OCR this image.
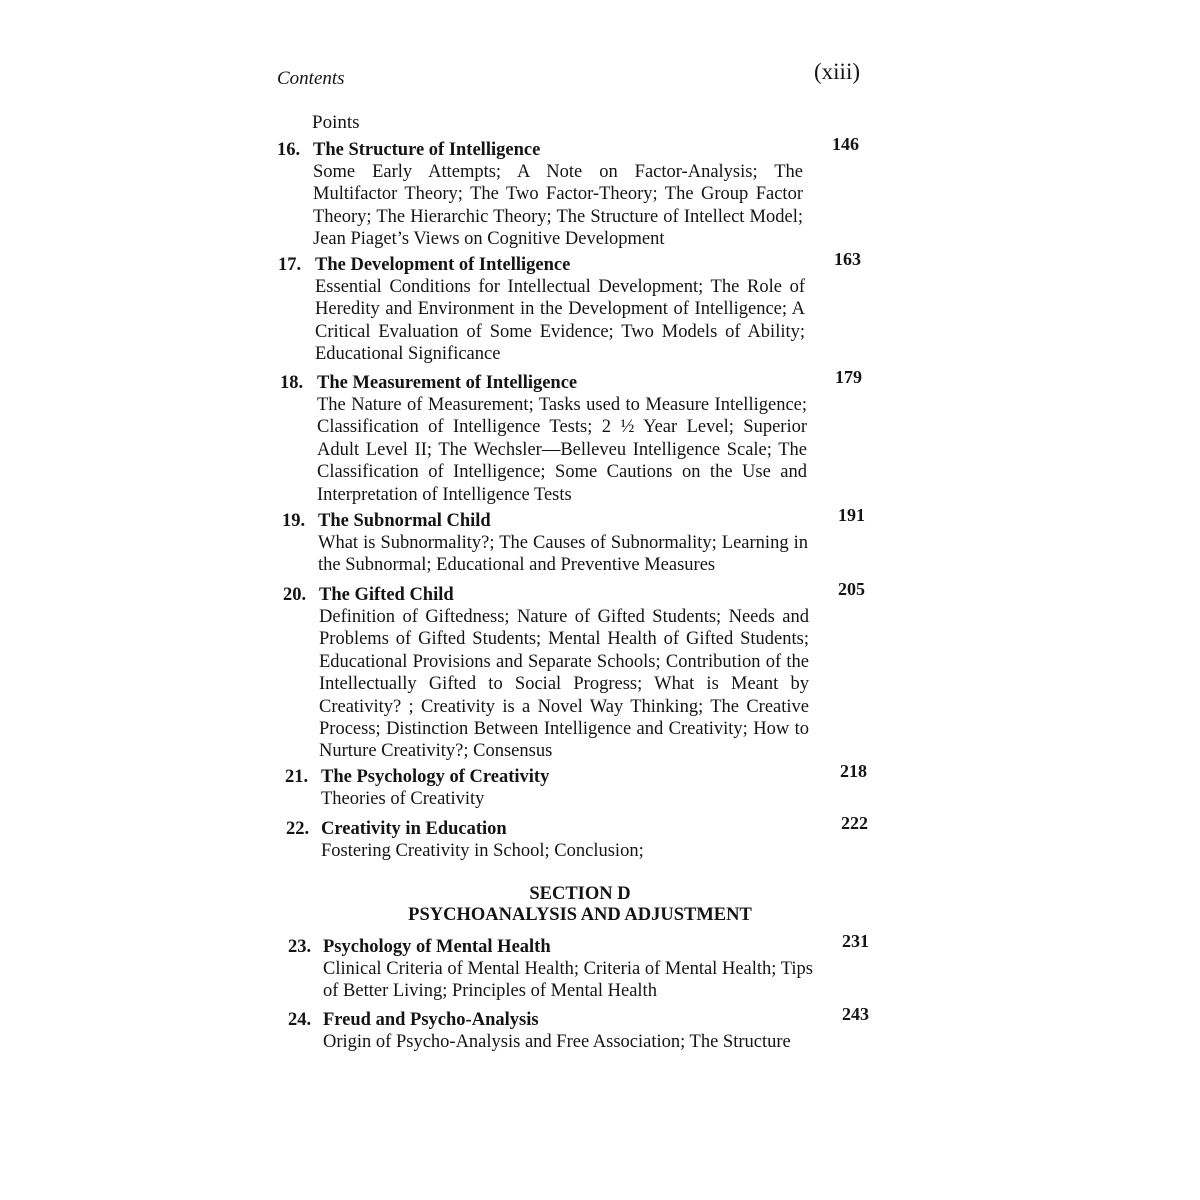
Contents	(xiii)
Points
16. The Structure of Intelligence	146
Some Early Attempts; A Note on Factor-Analysis; The Multifactor Theory; The Two Factor-Theory; The Group Factor Theory; The Hierarchic Theory; The Structure of Intellect Model; Jean Piaget’s Views on Cognitive Development
17. The Development of Intelligence	163
Essential Conditions for Intellectual Development; The Role of Heredity and Environment in the Development of Intelligence; A Critical Evaluation of Some Evidence; Two Models of Ability; Educational Significance
18. The Measurement of Intelligence	179
The Nature of Measurement; Tasks used to Measure Intelligence; Classification of Intelligence Tests; 2 ½ Year Level; Superior Adult Level II; The Wechsler—Belleveu Intelligence Scale; The Classification of Intelligence; Some Cautions on the Use and Interpretation of Intelligence Tests
19. The Subnormal Child	191
What is Subnormality?; The Causes of Subnormality; Learning in the Subnormal; Educational and Preventive Measures
20. The Gifted Child	205
Definition of Giftedness; Nature of Gifted Students; Needs and Problems of Gifted Students; Mental Health of Gifted Students; Educational Provisions and Separate Schools; Contribution of the Intellectually Gifted to Social Progress; What is Meant by Creativity? ; Creativity is a Novel Way Thinking; The Creative Process; Distinction Between Intelligence and Creativity; How to Nurture Creativity?; Consensus
21. The Psychology of Creativity	218
Theories of Creativity
22. Creativity in Education	222
Fostering Creativity in School; Conclusion;
SECTION D
PSYCHOANALYSIS AND ADJUSTMENT
23. Psychology of Mental Health	231
Clinical Criteria of Mental Health; Criteria of Mental Health; Tips of Better Living; Principles of Mental Health
24. Freud and Psycho-Analysis	243
Origin of Psycho-Analysis and Free Association; The Structure
